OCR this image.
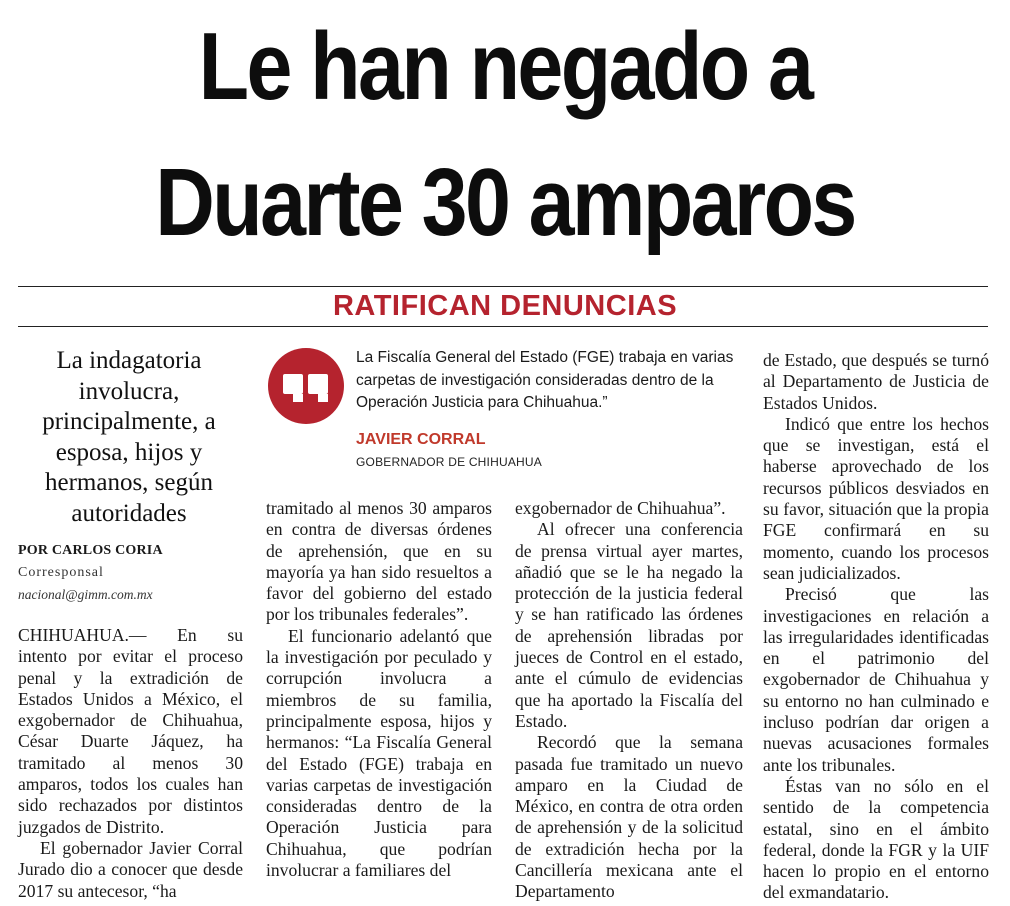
Le han negado a
Duarte 30 amparos
RATIFICAN DENUNCIAS
La indagatoria involucra, principalmente, a esposa, hijos y hermanos, según autoridades
POR CARLOS CORIA
Corresponsal
nacional@gimm.com.mx
La Fiscalía General del Estado (FGE) trabaja en varias carpetas de investigación consideradas dentro de la Operación Justicia para Chihuahua.”
JAVIER CORRAL
GOBERNADOR DE CHIHUAHUA

CHIHUAHUA.— En su intento por evitar el proceso penal y la extradición de Estados Unidos a México, el exgobernador de Chihuahua, César Duarte Jáquez, ha tramitado al menos 30 amparos, todos los cuales han sido rechazados por distintos juzgados de Distrito.

El gobernador Javier Corral Jurado dio a conocer que desde 2017 su antecesor, “ha

tramitado al menos 30 amparos en contra de diversas órdenes de aprehensión, que en su mayoría ya han sido resueltos a favor del gobierno del estado por los tribunales federales”.

El funcionario adelantó que la investigación por peculado y corrupción involucra a miembros de su familia, principalmente esposa, hijos y hermanos: “La Fiscalía General del Estado (FGE) trabaja en varias carpetas de investigación consideradas dentro de la Operación Justicia para Chihuahua, que podrían involucrar a familiares del

exgobernador de Chihuahua”.

Al ofrecer una conferencia de prensa virtual ayer martes, añadió que se le ha negado la protección de la justicia federal y se han ratificado las órdenes de aprehensión libradas por jueces de Control en el estado, ante el cúmulo de evidencias que ha aportado la Fiscalía del Estado.

Recordó que la semana pasada fue tramitado un nuevo amparo en la Ciudad de México, en contra de otra orden de aprehensión y de la solicitud de extradición hecha por la Cancillería mexicana ante el Departamento

de Estado, que después se turnó al Departamento de Justicia de Estados Unidos.

Indicó que entre los hechos que se investigan, está el haberse aprovechado de los recursos públicos desviados en su favor, situación que la propia FGE confirmará en su momento, cuando los procesos sean judicializados.

Precisó que las investigaciones en relación a las irregularidades identificadas en el patrimonio del exgobernador de Chihuahua y su entorno no han culminado e incluso podrían dar origen a nuevas acusaciones formales ante los tribunales.

Éstas van no sólo en el sentido de la competencia estatal, sino en el ámbito federal, donde la FGR y la UIF hacen lo propio en el entorno del exmandatario.
